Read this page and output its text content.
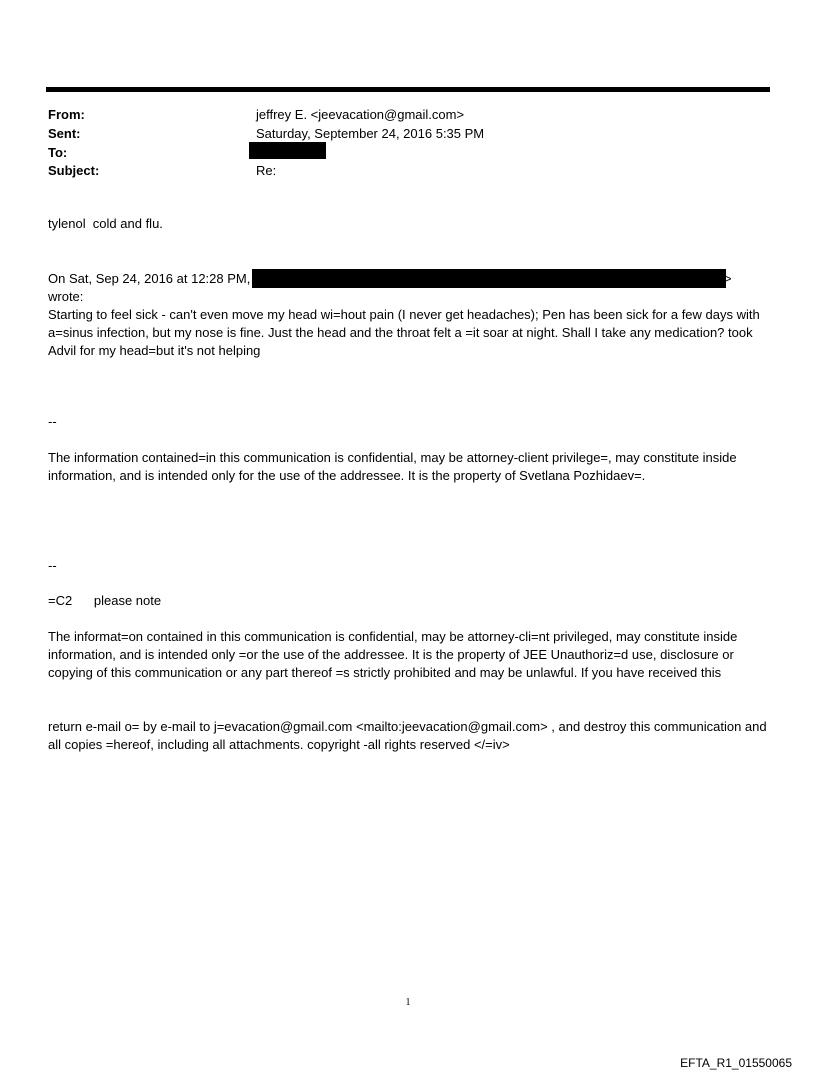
From:	jeffrey E. <jeevacation@gmail.com>
Sent:	Saturday, September 24, 2016 5:35 PM
To:
Subject:	Re:
tylenol  cold and flu.
On Sat, Sep 24, 2016 at 12:28 PM,	>
wrote:
Starting to feel sick - can't even move my head wi=hout pain (I never get headaches); Pen has been sick for a few days with a=sinus infection, but my nose is fine. Just the head and the throat felt a =it soar at night. Shall I take any medication? took Advil for my head=but it's not helping
--
The information contained=in this communication is confidential, may be attorney-client privilege=, may constitute inside information, and is intended only for the use of the addressee. It is the property of Svetlana Pozhidaev=.
--
=C2      please note
The informat=on contained in this communication is confidential, may be attorney-cli=nt privileged, may constitute inside information, and is intended only =or the use of the addressee. It is the property of JEE Unauthoriz=d use, disclosure or copying of this communication or any part thereof =s strictly prohibited and may be unlawful. If you have received this
return e-mail o= by e-mail to j=evacation@gmail.com <mailto:jeevacation@gmail.com> , and destroy this communication and all copies =hereof, including all attachments. copyright -all rights reserved </=iv>
1
EFTA_R1_01550065
